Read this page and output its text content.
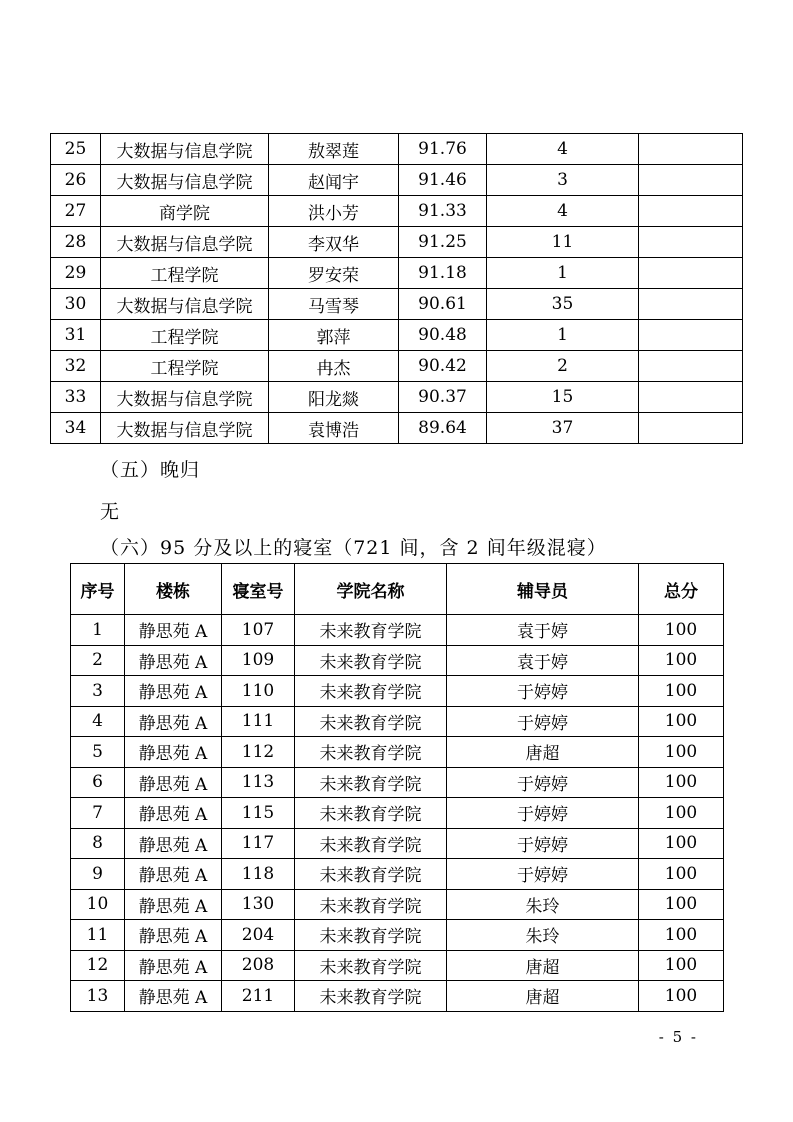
25	大数据与信息学院	敖翠莲	91.76	4	
26	大数据与信息学院	赵闻宇	91.46	3	
27	商学院	洪小芳	91.33	4	
28	大数据与信息学院	李双华	91.25	11	
29	工程学院	罗安荣	91.18	1	
30	大数据与信息学院	马雪琴	90.61	35	
31	工程学院	郭萍	90.48	1	
32	工程学院	冉杰	90.42	2	
33	大数据与信息学院	阳龙燚	90.37	15	
34	大数据与信息学院	袁博浩	89.64	37	
（五）晚归
无
（六）95 分及以上的寝室（721 间，含 2 间年级混寝）
序号	楼栋	寝室号	学院名称	辅导员	总分
1	静思苑 A	107	未来教育学院	袁于婷	100
2	静思苑 A	109	未来教育学院	袁于婷	100
3	静思苑 A	110	未来教育学院	于婷婷	100
4	静思苑 A	111	未来教育学院	于婷婷	100
5	静思苑 A	112	未来教育学院	唐超	100
6	静思苑 A	113	未来教育学院	于婷婷	100
7	静思苑 A	115	未来教育学院	于婷婷	100
8	静思苑 A	117	未来教育学院	于婷婷	100
9	静思苑 A	118	未来教育学院	于婷婷	100
10	静思苑 A	130	未来教育学院	朱玲	100
11	静思苑 A	204	未来教育学院	朱玲	100
12	静思苑 A	208	未来教育学院	唐超	100
13	静思苑 A	211	未来教育学院	唐超	100
- 5 -
